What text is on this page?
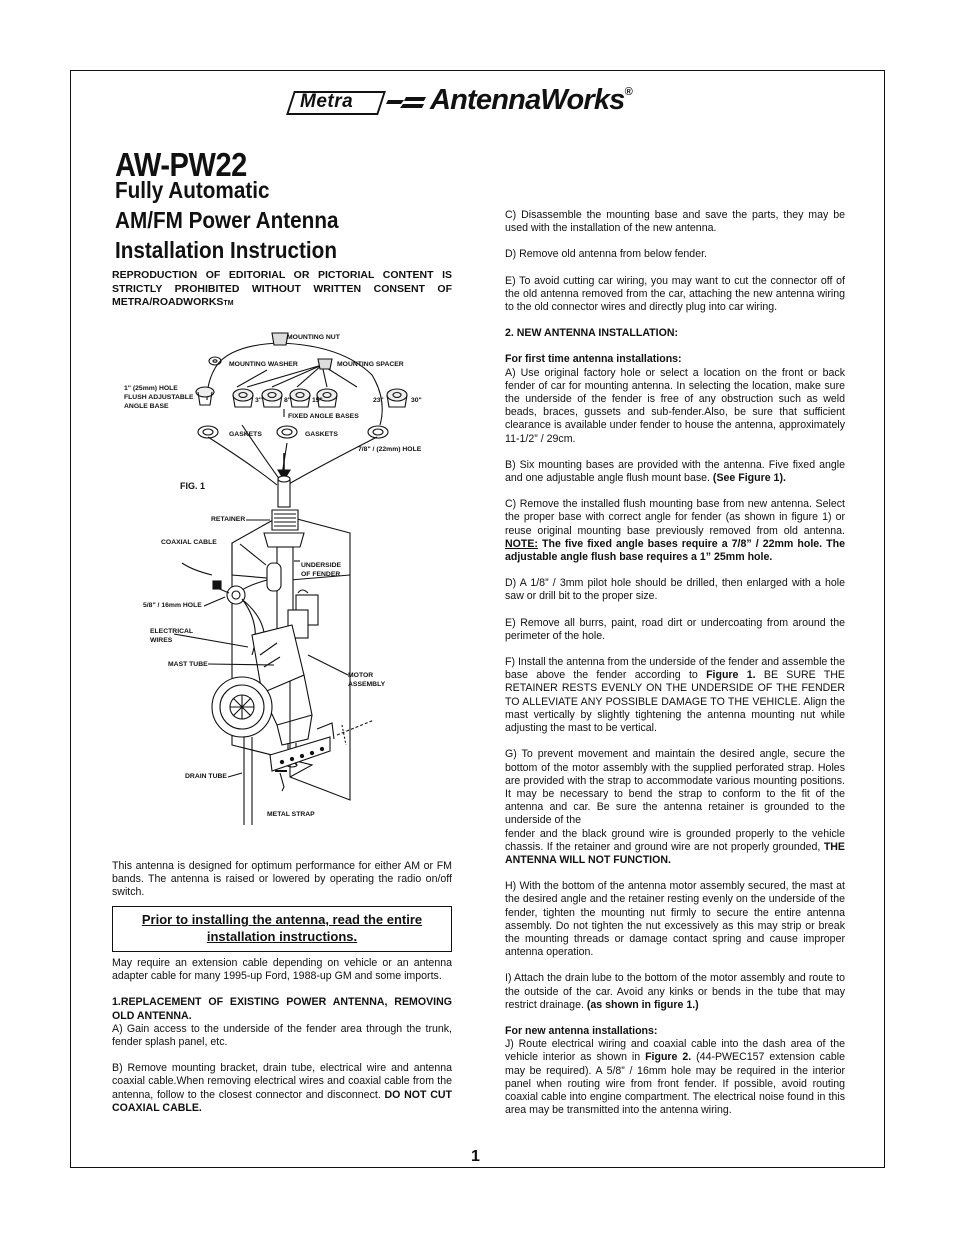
Metra	AntennaWorks®
AW-PW22
Fully Automatic
AM/FM Power Antenna
Installation Instruction
REPRODUCTION OF EDITORIAL OR PICTORIAL CONTENT IS STRICTLY PROHIBITED WITHOUT WRITTEN CONSENT OF METRA/ROADWORKSTM
MOUNTING NUT
MOUNTING WASHER	MOUNTING SPACER
1" (25mm) HOLE
FLUSH ADJUSTABLE
ANGLE BASE
3"	8"	15"	23"	30"
FIXED ANGLE BASES
GASKETS	GASKETS
7/8" / (22mm) HOLE
FIG. 1
RETAINER
COAXIAL CABLE
UNDERSIDE
OF FENDER
5/8" / 16mm HOLE
ELECTRICAL
WIRES
MAST TUBE
MOTOR
ASSEMBLY
DRAIN TUBE
METAL STRAP
This antenna is designed for optimum performance for either AM or FM bands. The antenna is raised or lowered by operating the radio on/off switch.
Prior to installing the antenna, read the entire installation instructions.

May require an extension cable depending on vehicle or an antenna adapter cable for many 1995-up Ford, 1988-up GM and some imports.

1.REPLACEMENT OF EXISTING POWER ANTENNA, REMOVING OLD ANTENNA.

A) Gain access to the underside of the fender area through the trunk, fender splash panel, etc.

B) Remove mounting bracket, drain tube, electrical wire and antenna coaxial cable.When removing electrical wires and coaxial cable from the antenna, follow to the closest connector and disconnect. DO NOT CUT COAXIAL CABLE.

C) Disassemble the mounting base and save the parts, they may be used with the installation of the new antenna.

D) Remove old antenna from below fender.

E) To avoid cutting car wiring, you may want to cut the connector off of the old antenna removed from the car, attaching the new antenna wiring to the old connector wires and directly plug into car wiring.

2. NEW ANTENNA INSTALLATION:

For first time antenna installations:

A) Use original factory hole or select a location on the front or back fender of car for mounting antenna. In selecting the location, make sure the underside of the fender is free of any obstruction such as weld beads, braces, gussets and sub-fender.Also, be sure that sufficient clearance is available under fender to house the antenna, approximately 11-1/2” / 29cm.

B) Six mounting bases are provided with the antenna. Five fixed angle and one adjustable angle flush mount base. (See Figure 1).

C) Remove the installed flush mounting base from new antenna. Select the proper base with correct angle for fender (as shown in figure 1) or reuse original mounting base previously removed from old antenna. NOTE: The five fixed angle bases require a 7/8” / 22mm hole. The adjustable angle flush base requires a 1” 25mm hole.

D) A 1/8” / 3mm pilot hole should be drilled, then enlarged with a hole saw or drill bit to the proper size.

E) Remove all burrs, paint, road dirt or undercoating from around the perimeter of the hole.

F) Install the antenna from the underside of the fender and assemble the base above the fender according to Figure 1. BE SURE THE RETAINER RESTS EVENLY ON THE UNDERSIDE OF THE FENDER TO ALLEVIATE ANY POSSIBLE DAMAGE TO THE VEHICLE. Align the mast vertically by slightly tightening the antenna mounting nut while adjusting the mast to be vertical.

G) To prevent movement and maintain the desired angle, secure the bottom of the motor assembly with the supplied perforated strap. Holes are provided with the strap to accommodate various mounting positions. It may be necessary to bend the strap to conform to the fit of the antenna and car. Be sure the antenna retainer is grounded to the underside of the
fender and the black ground wire is grounded properly to the vehicle chassis. If the retainer and ground wire are not properly grounded, THE ANTENNA WILL NOT FUNCTION.

H) With the bottom of the antenna motor assembly secured, the mast at the desired angle and the retainer resting evenly on the underside of the fender, tighten the mounting nut firmly to secure the entire antenna assembly. Do not tighten the nut excessively as this may strip or break the mounting threads or damage contact spring and cause improper antenna operation.

I) Attach the drain lube to the bottom of the motor assembly and route to the outside of the car. Avoid any kinks or bends in the tube that may restrict drainage. (as shown in figure 1.)

For new antenna installations:

J) Route electrical wiring and coaxial cable into the dash area of the vehicle interior as shown in Figure 2. (44-PWEC157 extension cable may be required). A 5/8” / 16mm hole may be required in the interior panel when routing wire from front fender. If possible, avoid routing coaxial cable into engine compartment. The electrical noise found in this area may be transmitted into the antenna wiring.

1
